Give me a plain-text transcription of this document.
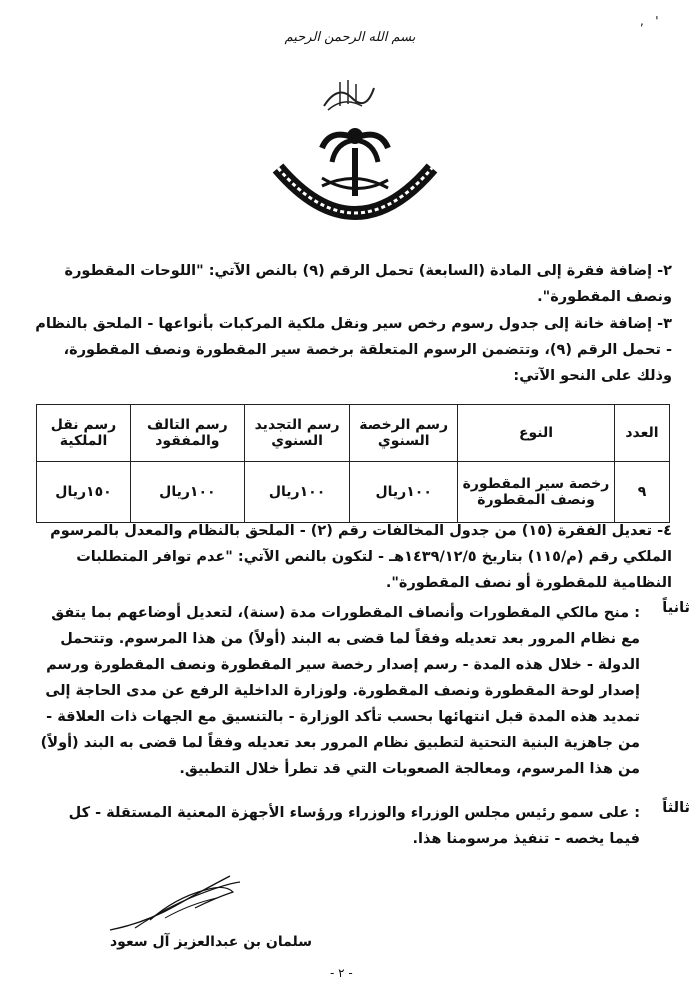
,   '
بسم الله الرحمن الرحيم
٢- إضافة فقرة إلى المادة (السابعة) تحمل الرقم (٩) بالنص الآتي: "اللوحات المقطورة ونصف المقطورة".
٣- إضافة خانة إلى جدول رسوم رخص سير ونقل ملكية المركبات بأنواعها - الملحق بالنظام - تحمل الرقم (٩)، وتتضمن الرسوم المتعلقة برخصة سير المقطورة ونصف المقطورة، وذلك على النحو الآتي:
العدد	النوع	رسم الرخصة السنوي	رسم التجديد السنوي	رسم التالف والمفقود	رسم نقل الملكية
٩	رخصة سير المقطورة ونصف المقطورة	١٠٠ريال	١٠٠ريال	١٠٠ريال	١٥٠ريال
٤- تعديل الفقرة (١٥) من جدول المخالفات رقم (٢) - الملحق بالنظام والمعدل بالمرسوم الملكي رقم (م/١١٥) بتاريخ ١٤٣٩/١٢/٥هـ - لتكون بالنص الآتي: "عدم توافر المتطلبات النظامية للمقطورة أو نصف المقطورة".
ثانياً
: منح مالكي المقطورات وأنصاف المقطورات مدة (سنة)، لتعديل أوضاعهم بما يتفق مع نظام المرور بعد تعديله وفقاً لما قضى به البند (أولاً) من هذا المرسوم. وتتحمل الدولة - خلال هذه المدة - رسم إصدار رخصة سير المقطورة ونصف المقطورة ورسم إصدار لوحة المقطورة ونصف المقطورة. ولوزارة الداخلية الرفع عن مدى الحاجة إلى تمديد هذه المدة قبل انتهائها بحسب تأكد الوزارة - بالتنسيق مع الجهات ذات العلاقة - من جاهزية البنية التحتية لتطبيق نظام المرور بعد تعديله وفقاً لما قضى به البند (أولاً) من هذا المرسوم، ومعالجة الصعوبات التي قد تطرأ خلال التطبيق.
ثالثاً
: على سمو رئيس مجلس الوزراء والوزراء ورؤساء الأجهزة المعنية المستقلة - كل فيما يخصه - تنفيذ مرسومنا هذا.
سلمان بن عبدالعزيز آل سعود
- ٢ -
